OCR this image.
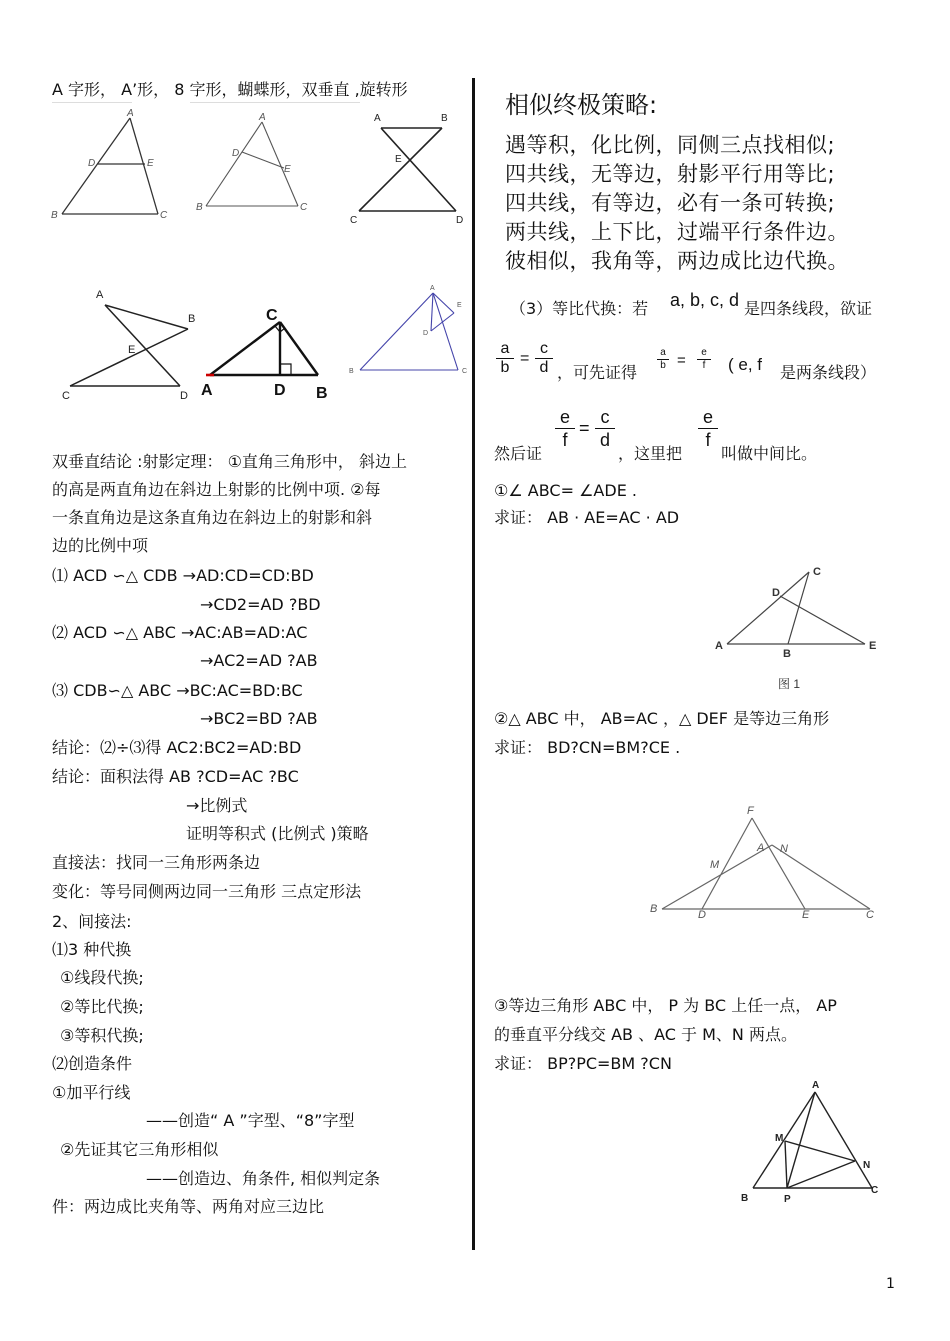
A 字形， A’形， 8 字形，蝴蝶形，双垂直 ,旋转形
A
D	E
B	C
A
D
E
B	C
A	B
E
C	D
A
B
E
C	D
C
A	D B
A
E
D
B	C
双垂直结论 :射影定理： ①直角三角形中， 斜边上
的高是两直角边在斜边上射影的比例中项. ②每
一条直角边是这条直角边在斜边上的射影和斜
边的比例中项
⑴ ACD ∽△ CDB →AD:CD=CD:BD
→CD2=AD ?BD
⑵ ACD ∽△ ABC →AC:AB=AD:AC
→AC2=AD ?AB
⑶ CDB∽△ ABC →BC:AC=BD:BC
→BC2=BD ?AB
结论：⑵÷⑶得 AC2:BC2=AD:BD
结论：面积法得 AB ?CD=AC ?BC
→比例式
证明等积式 (比例式 )策略
直接法：找同一三角形两条边
变化：等号同侧两边同一三角形 三点定形法
2、间接法:
⑴3 种代换
①线段代换;
②等比代换;
③等积代换;
⑵创造条件
①加平行线
——创造“ A ”字型、“8”字型
②先证其它三角形相似
——创造边、角条件, 相似判定条
件：两边成比夹角等、两角对应三边比
相似终极策略:
遇等积，化比例，同侧三点找相似;
四共线，无等边，射影平行用等比;
四共线，有等边，必有一条可转换;
两共线，上下比，过端平行条件边。
彼相似，我角等，两边成比边代换。
（3）等比代换：若 a, b, c, d 是四条线段，欲证
$\frac{a}{b} = \frac{c}{d}$ ，可先证得
$\frac{a}{b} = \frac{e}{f}$ ( e, f 是两条线段）
然后证
$\frac{e}{f} = \frac{c}{d}$
，这里把
$\frac{e}{f}$
叫做中间比。
①∠ ABC= ∠ADE .
求证： AB · AE=AC · AD
C
D
A
B
E
图 1
②△ ABC 中， AB=AC ，△ DEF 是等边三角形
求证： BD?CN=BM?CE .
F
M
A N
B	D	E	C
③等边三角形 ABC 中， P 为 BC 上任一点， AP
的垂直平分线交 AB 、AC 于 M、N 两点。
求证： BP?PC=BM ?CN
A
M
N
B	P
C
1
